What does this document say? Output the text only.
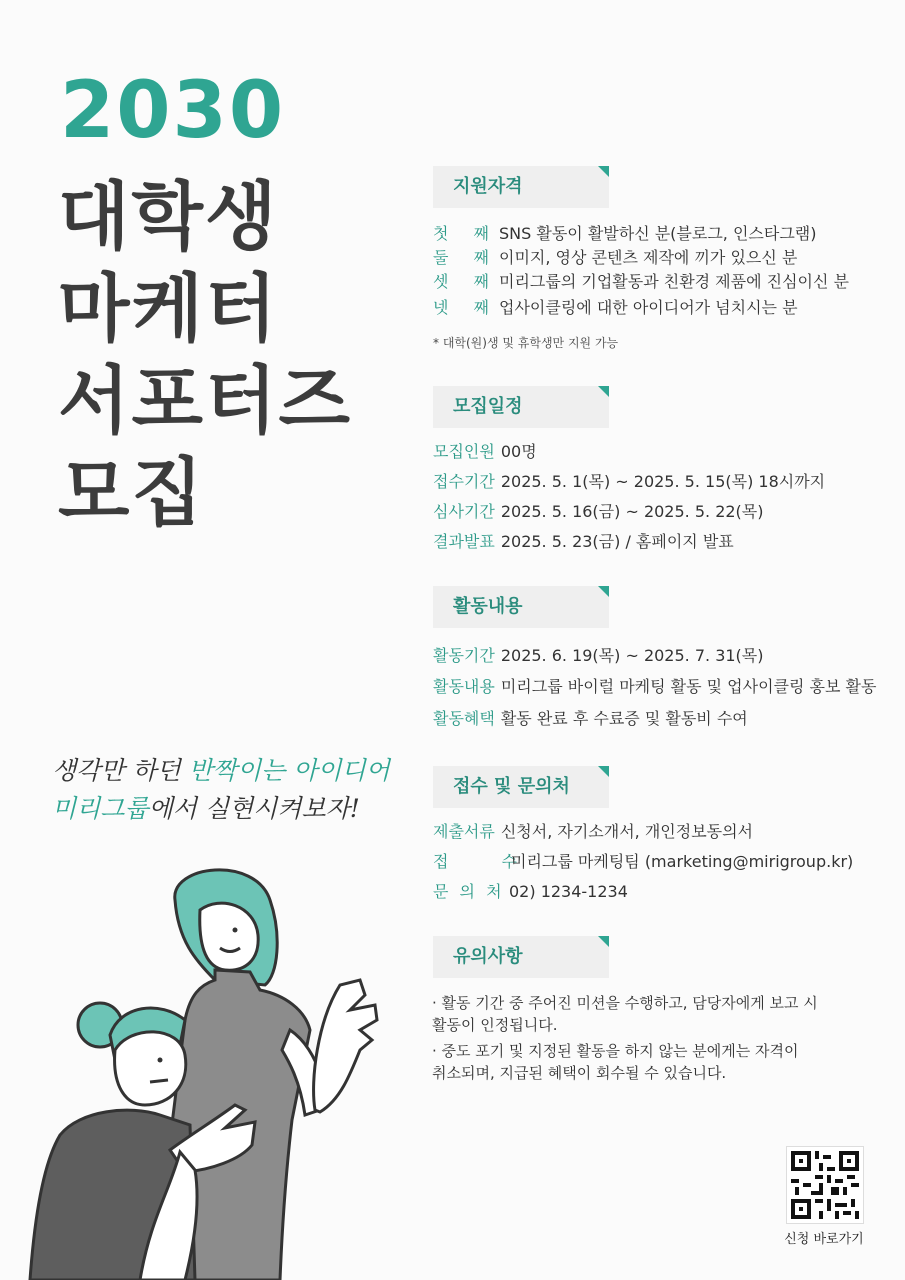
2030
대학생
마케터
서포터즈
모집
생각만 하던 반짝이는 아이디어
미리그룹에서 실현시켜보자!
지원자격
첫 째SNS 활동이 활발하신 분(블로그, 인스타그램)
둘 째이미지, 영상 콘텐츠 제작에 끼가 있으신 분
셋 째미리그룹의 기업활동과 친환경 제품에 진심이신 분
넷 째업사이클링에 대한 아이디어가 넘치시는 분
* 대학(원)생 및 휴학생만 지원 가능
모집일정
모집인원 00명
접수기간 2025. 5. 1(목) ~ 2025. 5. 15(목) 18시까지
심사기간 2025. 5. 16(금) ~ 2025. 5. 22(목)
결과발표 2025. 5. 23(금) / 홈페이지 발표
활동내용
활동기간 2025. 6. 19(목) ~ 2025. 7. 31(목)
활동내용 미리그룹 바이럴 마케팅 활동 및 업사이클링 홍보 활동
활동혜택 활동 완료 후 수료증 및 활동비 수여
접수 및 문의처
제출서류 신청서, 자기소개서, 개인정보동의서
접 수미리그룹 마케팅팀 (marketing@mirigroup.kr)
문 의 처 02) 1234-1234
유의사항
· 활동 기간 중 주어진 미션을 수행하고, 담당자에게 보고 시
활동이 인정됩니다.
· 중도 포기 및 지정된 활동을 하지 않는 분에게는 자격이
취소되며, 지급된 혜택이 회수될 수 있습니다.
신청 바로가기
